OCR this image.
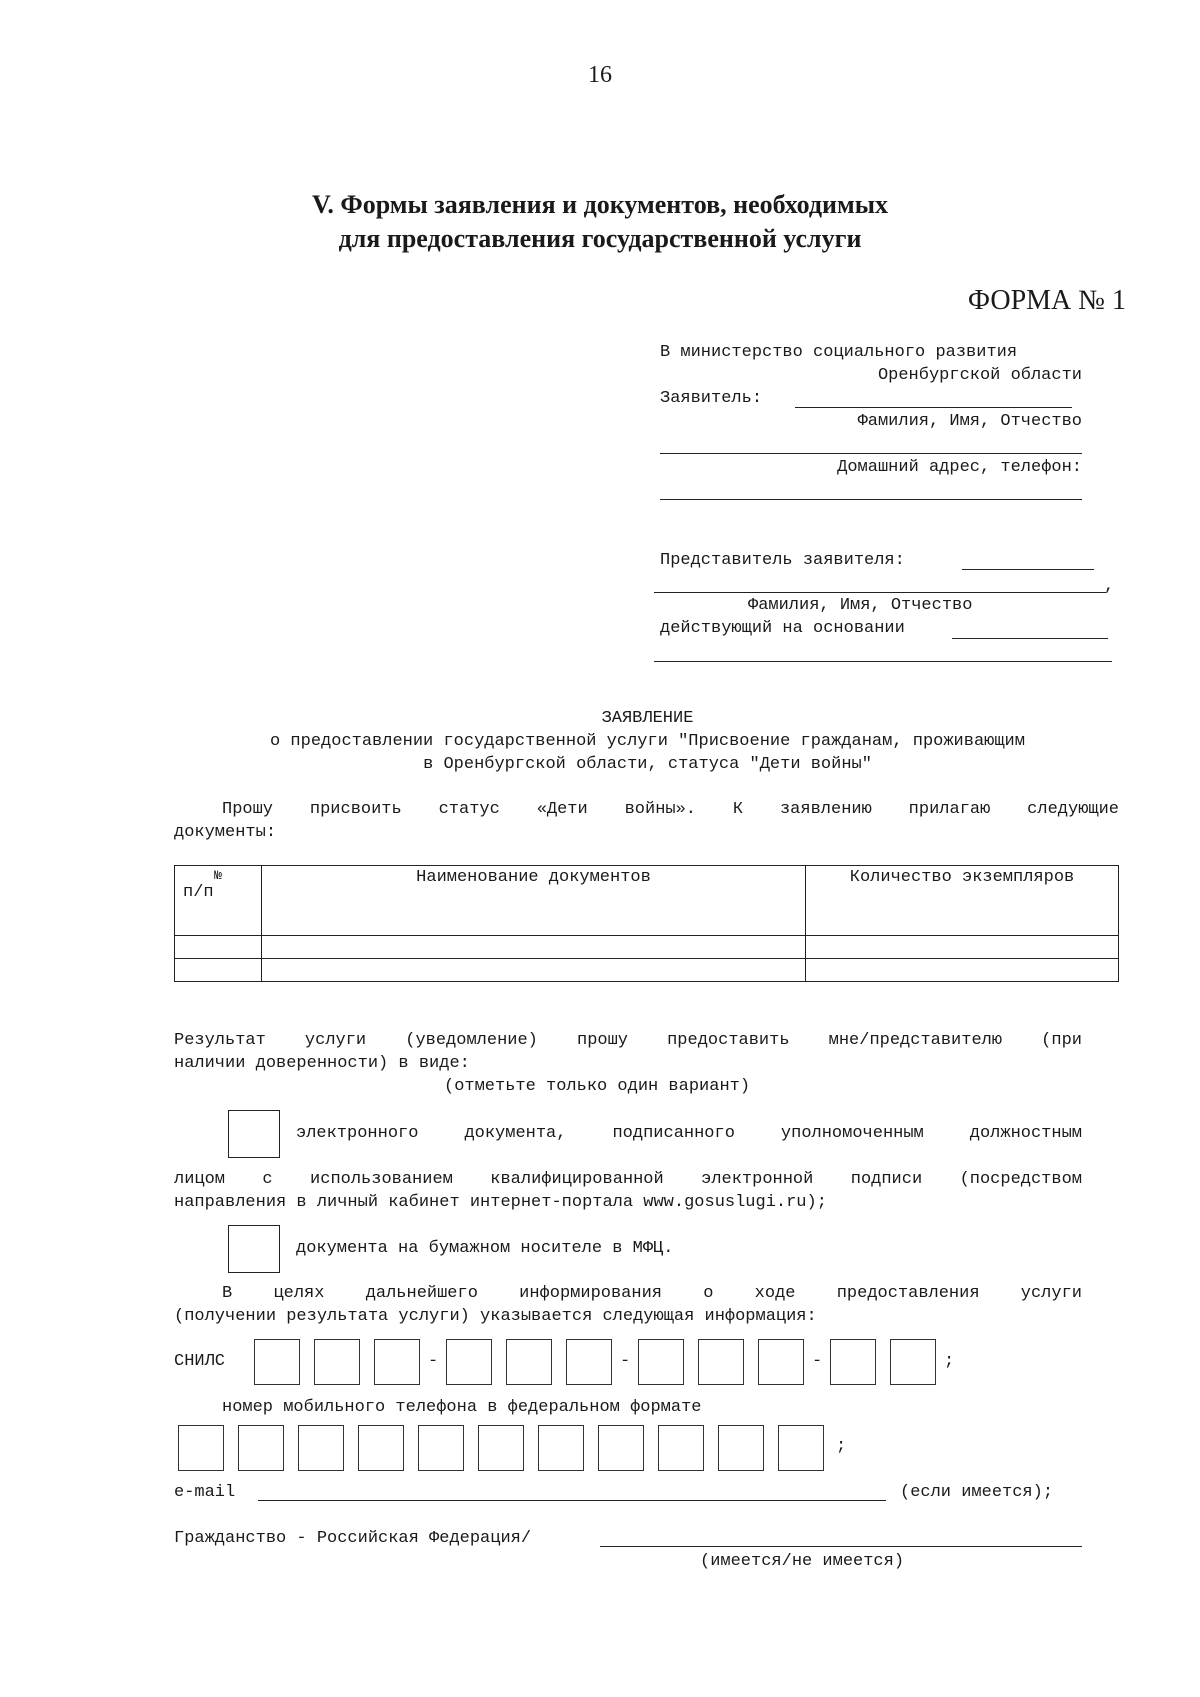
16
V. Формы заявления и документов, необходимых
для предоставления государственной услуги
ФОРМА № 1
В министерство социального развития
Оренбургской области
Заявитель:
Фамилия, Имя, Отчество
Домашний адрес, телефон:
Представитель заявителя:
,
Фамилия, Имя, Отчество
действующий на основании
ЗАЯВЛЕНИЕ
о предоставлении государственной услуги "Присвоение гражданам, проживающим
в Оренбургской области, статуса "Дети войны"
Прошу присвоить статус «Дети войны». К заявлению прилагаю следующие
документы:
№
п/п	Наименование документов	Количество экземпляров

Результат услуги (уведомление) прошу предоставить мне/представителю (при
наличии доверенности) в виде:
(отметьте только один вариант)
электронного документа, подписанного уполномоченным должностным
лицом с использованием квалифицированной электронной подписи (посредством
направления в личный кабинет интернет-портала www.gosuslugi.ru);
документа на бумажном носителе в МФЦ.
В целях дальнейшего информирования о ходе предоставления услуги
(получении результата услуги) указывается следующая информация:
СНИЛС	-	-	-	;
номер мобильного телефона в федеральном формате
;
e-mail	(если имеется);
Гражданство - Российская Федерация/
(имеется/не имеется)
